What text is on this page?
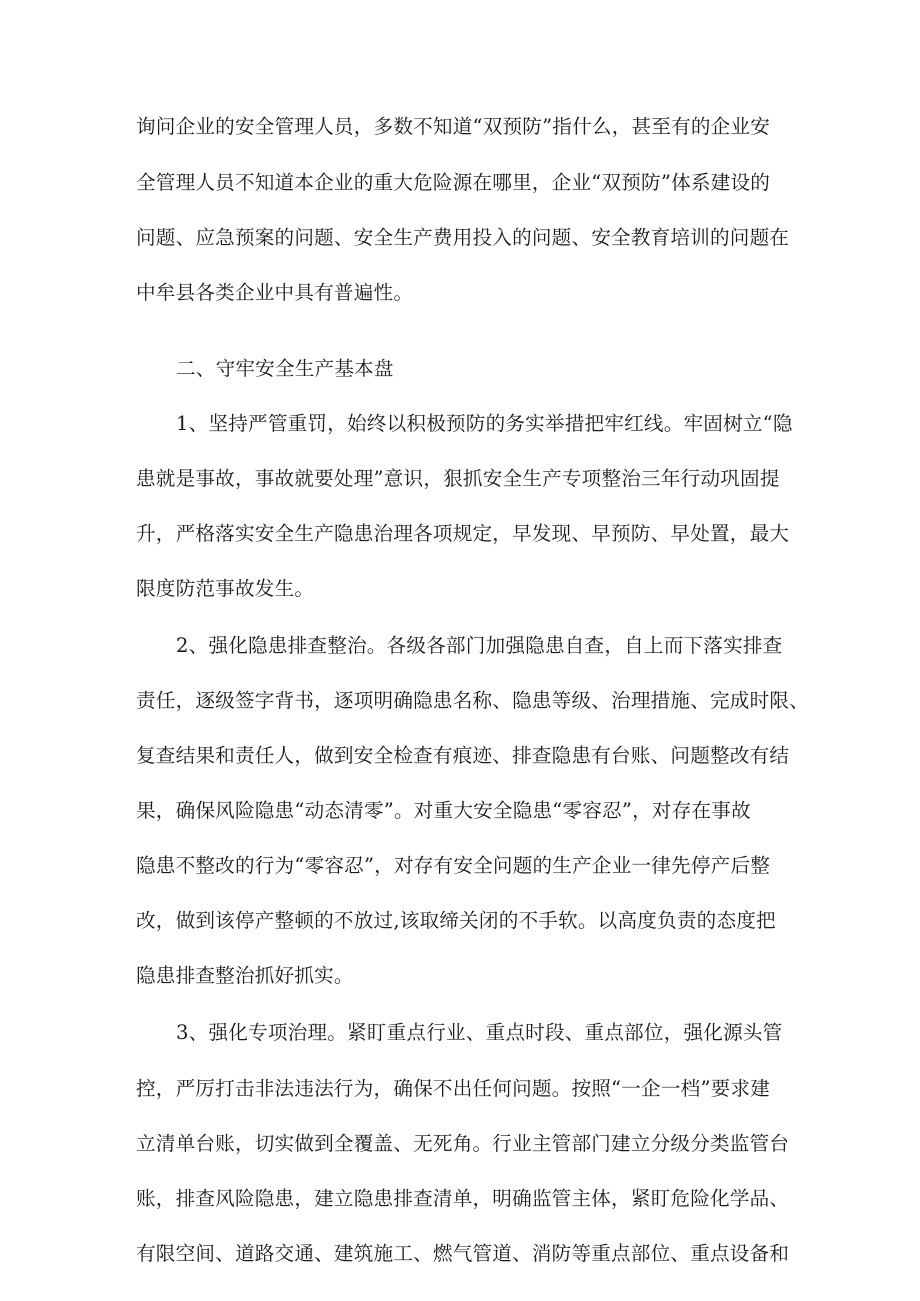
询问企业的安全管理人员，多数不知道“双预防”指什么，甚至有的企业安
全管理人员不知道本企业的重大危险源在哪里，企业“双预防”体系建设的
问题、应急预案的问题、安全生产费用投入的问题、安全教育培训的问题在
中牟县各类企业中具有普遍性。
二、守牢安全生产基本盘
1、坚持严管重罚，始终以积极预防的务实举措把牢红线。牢固树立“隐
患就是事故，事故就要处理”意识，狠抓安全生产专项整治三年行动巩固提
升，严格落实安全生产隐患治理各项规定，早发现、早预防、早处置，最大
限度防范事故发生。
2、强化隐患排查整治。各级各部门加强隐患自查，自上而下落实排查
责任，逐级签字背书，逐项明确隐患名称、隐患等级、治理措施、完成时限、
复查结果和责任人，做到安全检查有痕迹、排查隐患有台账、问题整改有结
果，确保风险隐患“动态清零”。对重大安全隐患“零容忍”，对存在事故
隐患不整改的行为“零容忍”，对存有安全问题的生产企业一律先停产后整
改，做到该停产整顿的不放过,该取缔关闭的不手软。以高度负责的态度把
隐患排查整治抓好抓实。
3、强化专项治理。紧盯重点行业、重点时段、重点部位，强化源头管
控，严厉打击非法违法行为，确保不出任何问题。按照“一企一档”要求建
立清单台账，切实做到全覆盖、无死角。行业主管部门建立分级分类监管台
账，排查风险隐患，建立隐患排查清单，明确监管主体，紧盯危险化学品、
有限空间、道路交通、建筑施工、燃气管道、消防等重点部位、重点设备和
